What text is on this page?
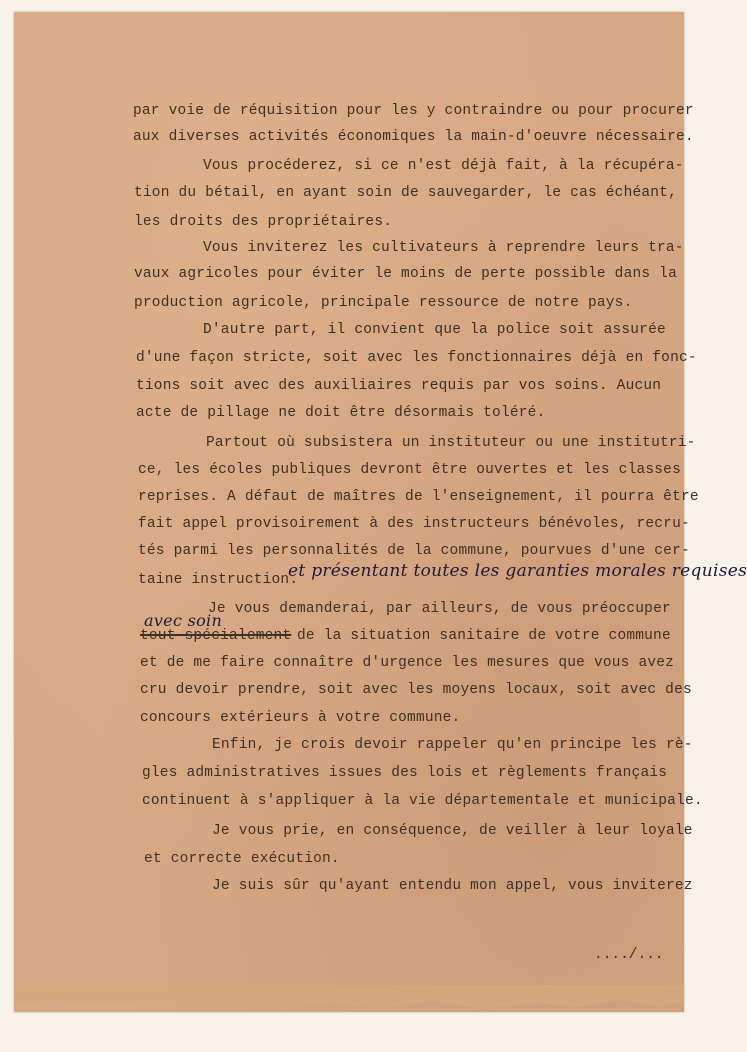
par voie de réquisition pour les y contraindre ou pour procurer
aux diverses activités économiques la main-d'oeuvre nécessaire.
Vous procéderez, si ce n'est déjà fait, à la récupéra-
tion du bétail, en ayant soin de sauvegarder, le cas échéant,
les droits des propriétaires.
Vous inviterez les cultivateurs à reprendre leurs tra-
vaux agricoles pour éviter le moins de perte possible dans la
production agricole, principale ressource de notre pays.
D'autre part, il convient que la police soit assurée
d'une façon stricte, soit avec les fonctionnaires déjà en fonc-
tions soit avec des auxiliaires requis par vos soins. Aucun
acte de pillage ne doit être désormais toléré.
Partout où subsistera un instituteur ou une institutri-
ce, les écoles publiques devront être ouvertes et les classes
reprises. A défaut de maîtres de l'enseignement, il pourra être
fait appel provisoirement à des instructeurs bénévoles, recru-
tés parmi les personnalités de la commune, pourvues d'une cer-
taine instruction.
et présentant toutes les garanties morales requises
Je vous demanderai, par ailleurs, de vous préoccuper
avec soin
tout spécialement de la situation sanitaire de votre commune
et de me faire connaître d'urgence les mesures que vous avez
cru devoir prendre, soit avec les moyens locaux, soit avec des
concours extérieurs à votre commune.
Enfin, je crois devoir rappeler qu'en principe les rè-
gles administratives issues des lois et règlements français
continuent à s'appliquer à la vie départementale et municipale.
Je vous prie, en conséquence, de veiller à leur loyale
et correcte exécution.
Je suis sûr qu'ayant entendu mon appel, vous inviterez
..../...
